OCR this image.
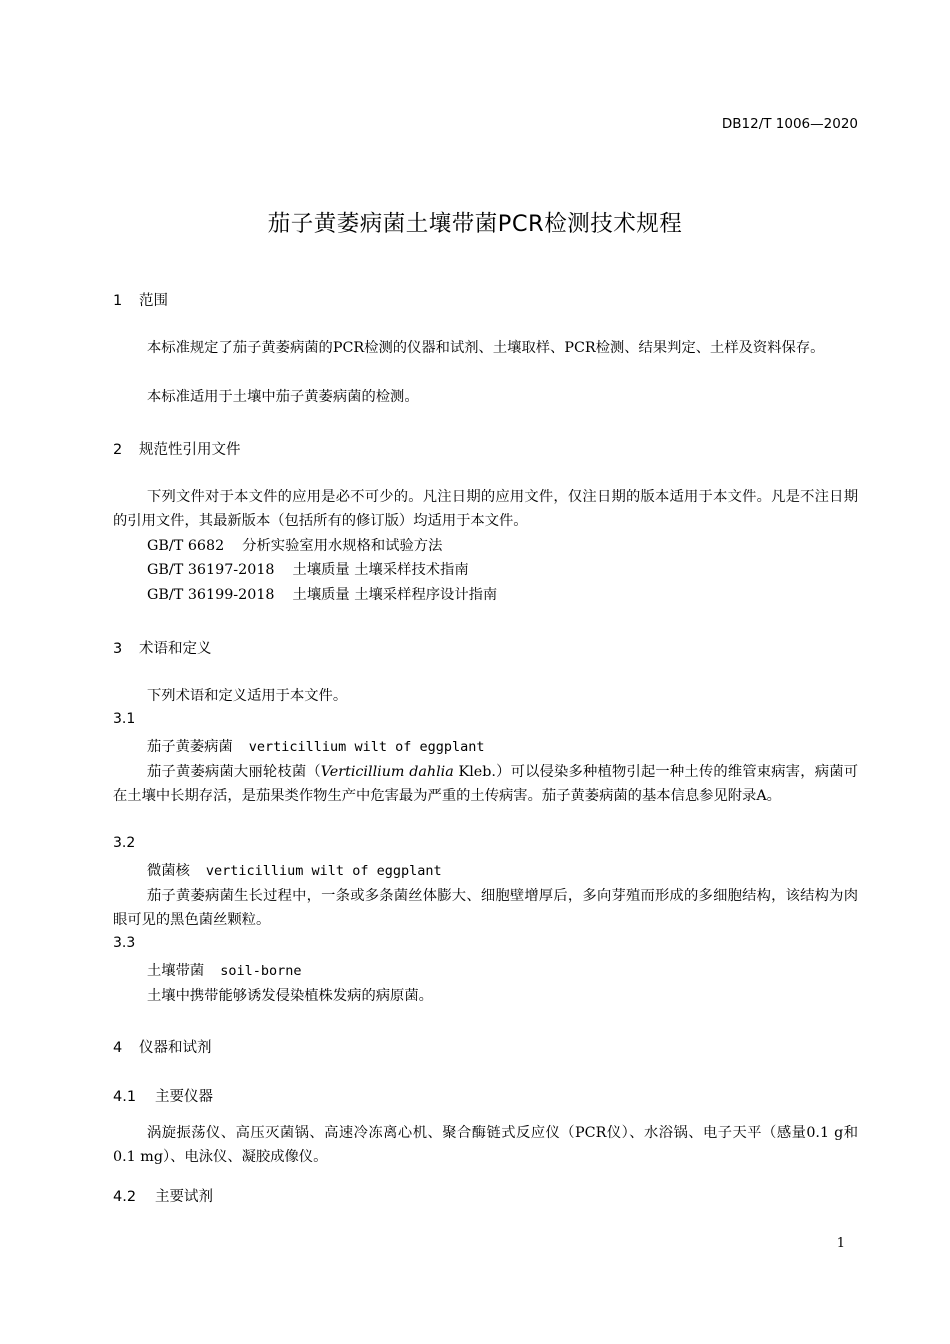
DB12/T 1006—2020
茄子黄萎病菌土壤带菌PCR检测技术规程
1 范围
本标准规定了茄子黄萎病菌的PCR检测的仪器和试剂、土壤取样、PCR检测、结果判定、土样及资料保存。
本标准适用于土壤中茄子黄萎病菌的检测。
2 规范性引用文件
下列文件对于本文件的应用是必不可少的。凡注日期的应用文件，仅注日期的版本适用于本文件。凡是不注日期的引用文件，其最新版本（包括所有的修订版）均适用于本文件。
GB/T 6682 分析实验室用水规格和试验方法
GB/T 36197-2018 土壤质量 土壤采样技术指南
GB/T 36199-2018 土壤质量 土壤采样程序设计指南
3 术语和定义
下列术语和定义适用于本文件。
3.1
茄子黄萎病菌 verticillium wilt of eggplant
茄子黄萎病菌大丽轮枝菌（Verticillium dahlia Kleb.）可以侵染多种植物引起一种土传的维管束病害，病菌可在土壤中长期存活，是茄果类作物生产中危害最为严重的土传病害。茄子黄萎病菌的基本信息参见附录A。
3.2
微菌核 verticillium wilt of eggplant
茄子黄萎病菌生长过程中，一条或多条菌丝体膨大、细胞壁增厚后，多向芽殖而形成的多细胞结构，该结构为肉眼可见的黑色菌丝颗粒。
3.3
土壤带菌 soil-borne
土壤中携带能够诱发侵染植株发病的病原菌。
4 仪器和试剂
4.1 主要仪器
涡旋振荡仪、高压灭菌锅、高速冷冻离心机、聚合酶链式反应仪（PCR仪）、水浴锅、电子天平（感量0.1 g和0.1 mg）、电泳仪、凝胶成像仪。
4.2 主要试剂
1
